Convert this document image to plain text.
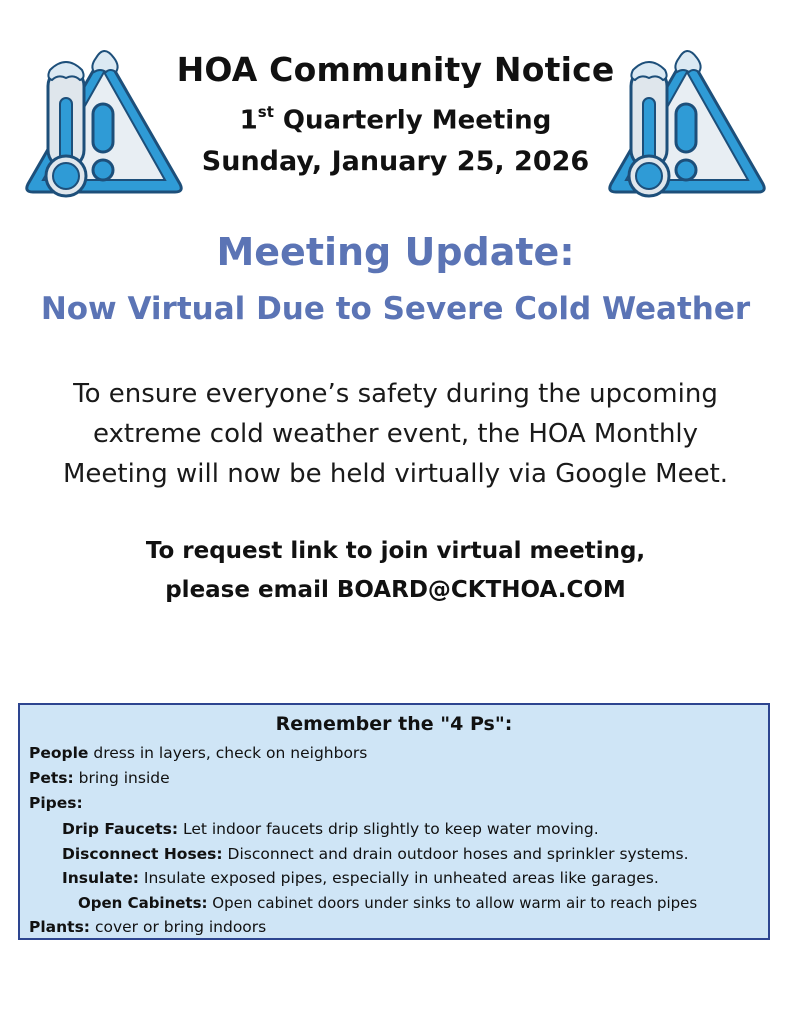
HOA Community Notice
1st Quarterly Meeting
Sunday, January 25, 2026
Meeting Update:
Now Virtual Due to Severe Cold Weather
To ensure everyone’s safety during the upcoming
extreme cold weather event, the HOA Monthly
Meeting will now be held virtually via Google Meet.
To request link to join virtual meeting,
please email BOARD@CKTHOA.COM
Remember the "4 Ps":
People dress in layers, check on neighbors
Pets: bring inside
Pipes:
Drip Faucets: Let indoor faucets drip slightly to keep water moving.
Disconnect Hoses: Disconnect and drain outdoor hoses and sprinkler systems.
Insulate: Insulate exposed pipes, especially in unheated areas like garages.
Open Cabinets: Open cabinet doors under sinks to allow warm air to reach pipes
Plants: cover or bring indoors
